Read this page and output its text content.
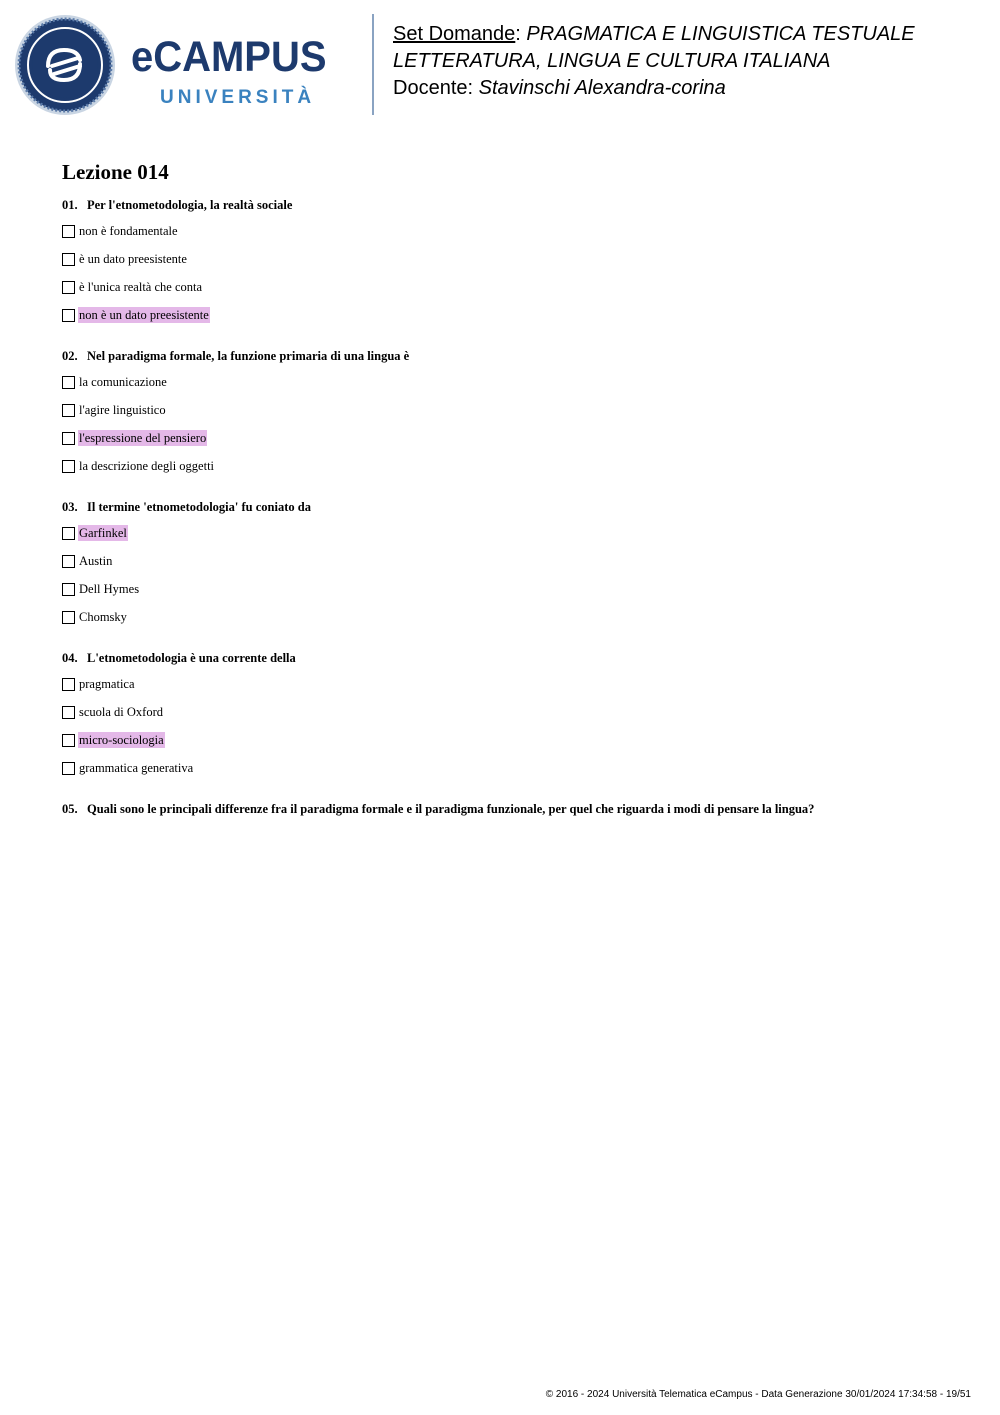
eCAMPUS
UNIVERSITÀ
Set Domande: PRAGMATICA E LINGUISTICA TESTUALE
LETTERATURA, LINGUA E CULTURA ITALIANA
Docente: Stavinschi Alexandra-corina
Lezione 014
01. Per l'etnometodologia, la realtà sociale
non è fondamentale
è un dato preesistente
è l'unica realtà che conta
non è un dato preesistente
02. Nel paradigma formale, la funzione primaria di una lingua è
la comunicazione
l'agire linguistico
l'espressione del pensiero
la descrizione degli oggetti
03. Il termine 'etnometodologia' fu coniato da
Garfinkel
Austin
Dell Hymes
Chomsky
04. L'etnometodologia è una corrente della
pragmatica
scuola di Oxford
micro-sociologia
grammatica generativa
05. Quali sono le principali differenze fra il paradigma formale e il paradigma funzionale, per quel che riguarda i modi di pensare la lingua?
© 2016 - 2024 Università Telematica eCampus - Data Generazione 30/01/2024 17:34:58 - 19/51
